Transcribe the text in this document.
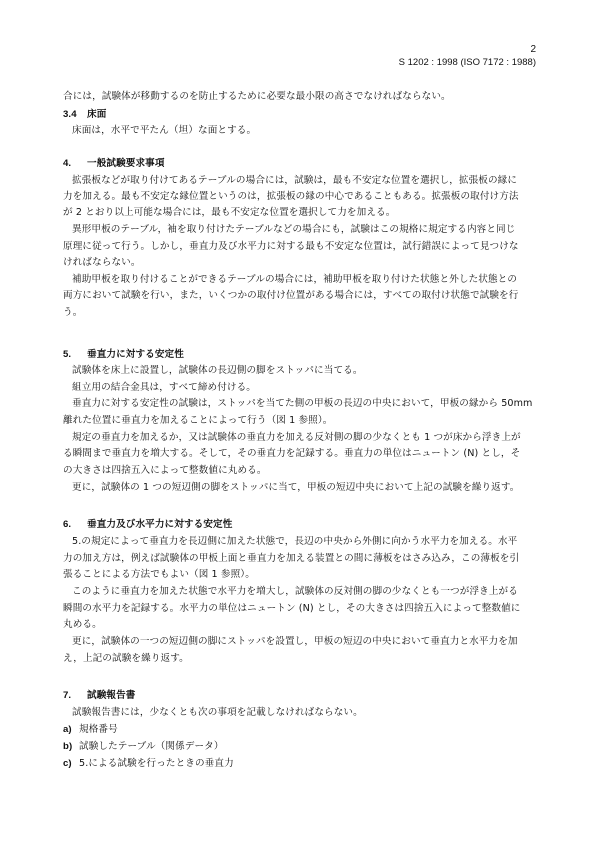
2
S 1202 : 1998 (ISO 7172 : 1988)
合には，試験体が移動するのを防止するために必要な最小限の高さでなければならない。
3.4 床面
床面は，水平で平たん（坦）な面とする。
4. 一般試験要求事項
拡張板などが取り付けてあるテーブルの場合には，試験は，最も不安定な位置を選択し，拡張板の縁に
力を加える。最も不安定な縁位置というのは，拡張板の縁の中心であることもある。拡張板の取付け方法
が 2 とおり以上可能な場合には，最も不安定な位置を選択して力を加える。
異形甲板のテーブル，袖を取り付けたテーブルなどの場合にも，試験はこの規格に規定する内容と同じ
原理に従って行う。しかし，垂直力及び水平力に対する最も不安定な位置は，試行錯誤によって見つけな
ければならない。
補助甲板を取り付けることができるテーブルの場合には，補助甲板を取り付けた状態と外した状態との
両方において試験を行い，また，いくつかの取付け位置がある場合には，すべての取付け状態で試験を行
う。
5. 垂直力に対する安定性
試験体を床上に設置し，試験体の長辺側の脚をストッパに当てる。
組立用の結合金具は，すべて締め付ける。
垂直力に対する安定性の試験は，ストッパを当てた側の甲板の長辺の中央において，甲板の縁から 50mm
離れた位置に垂直力を加えることによって行う（図 1 参照）。
規定の垂直力を加えるか，又は試験体の垂直力を加える反対側の脚の少なくとも 1 つが床から浮き上が
る瞬間まで垂直力を増大する。そして，その垂直力を記録する。垂直力の単位はニュートン (N) とし，そ
の大きさは四捨五入によって整数値に丸める。
更に，試験体の 1 つの短辺側の脚をストッパに当て，甲板の短辺中央において上記の試験を繰り返す。
6. 垂直力及び水平力に対する安定性
5.の規定によって垂直力を長辺側に加えた状態で，長辺の中央から外側に向かう水平力を加える。水平
力の加え方は，例えば試験体の甲板上面と垂直力を加える装置との間に薄板をはさみ込み，この薄板を引
張ることによる方法でもよい（図 1 参照）。
このように垂直力を加えた状態で水平力を増大し，試験体の反対側の脚の少なくとも一つが浮き上がる
瞬間の水平力を記録する。水平力の単位はニュートン (N) とし，その大きさは四捨五入によって整数値に
丸める。
更に，試験体の一つの短辺側の脚にストッパを設置し，甲板の短辺の中央において垂直力と水平力を加
え，上記の試験を繰り返す。
7. 試験報告書
試験報告書には，少なくとも次の事項を記載しなければならない。
a) 規格番号
b) 試験したテーブル（関係データ）
c) 5.による試験を行ったときの垂直力
